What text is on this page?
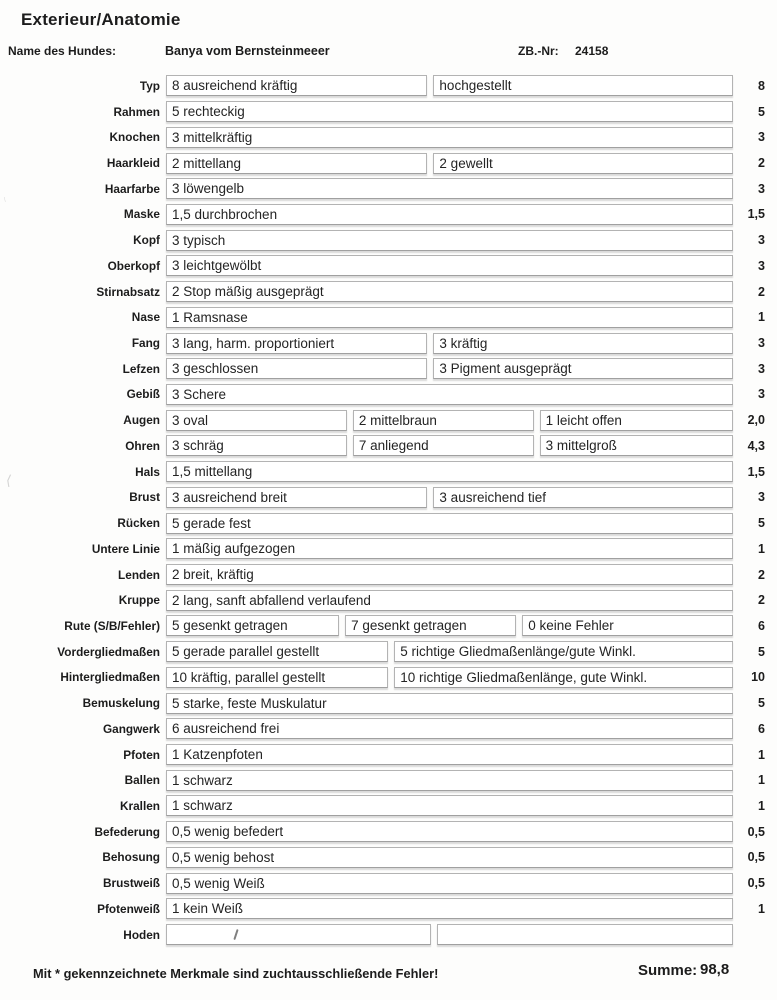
Exterieur/Anatomie
Name des Hundes:	Banya vom Bernsteinmeeer	ZB.-Nr: 24158
Typ 8 ausreichend kräftig	hochgestellt	8
Rahmen 5 rechteckig	5
Knochen 3 mittelkräftig	3
Haarkleid 2 mittellang	2 gewellt	2
Haarfarbe 3 löwengelb	3
Maske 1,5 durchbrochen	1,5
Kopf 3 typisch	3
Oberkopf 3 leichtgewölbt	3
Stirnabsatz 2 Stop mäßig ausgeprägt	2
Nase 1 Ramsnase	1
Fang 3 lang, harm. proportioniert	3 kräftig	3
Lefzen 3 geschlossen	3 Pigment ausgeprägt	3
Gebiß 3 Schere	3
Augen 3 oval	2 mittelbraun	1 leicht offen	2,0
Ohren 3 schräg	7 anliegend	3 mittelgroß	4,3
Hals 1,5 mittellang	1,5
Brust 3 ausreichend breit	3 ausreichend tief	3
Rücken 5 gerade fest	5
Untere Linie 1 mäßig aufgezogen	1
Lenden 2 breit, kräftig	2
Kruppe 2 lang, sanft abfallend verlaufend	2
Rute (S/B/Fehler) 5 gesenkt getragen	7 gesenkt getragen	0 keine Fehler	6
Vordergliedmaßen 5 gerade parallel gestellt	5 richtige Gliedmaßenlänge/gute Winkl.	5
Hintergliedmaßen 10 kräftig, parallel gestellt	10 richtige Gliedmaßenlänge, gute Winkl.	10
Bemuskelung 5 starke, feste Muskulatur	5
Gangwerk 6 ausreichend frei	6
Pfoten 1 Katzenpfoten	1
Ballen 1 schwarz	1
Krallen 1 schwarz	1
Befederung 0,5 wenig befedert	0,5
Behosung 0,5 wenig behost	0,5
Brustweiß 0,5 wenig Weiß	0,5
Pfotenweiß 1 kein Weiß	1
Hoden
ᛌ
⟨
Mit * gekennzeichnete Merkmale sind zuchtausschließende Fehler!	Summe: 98,8
